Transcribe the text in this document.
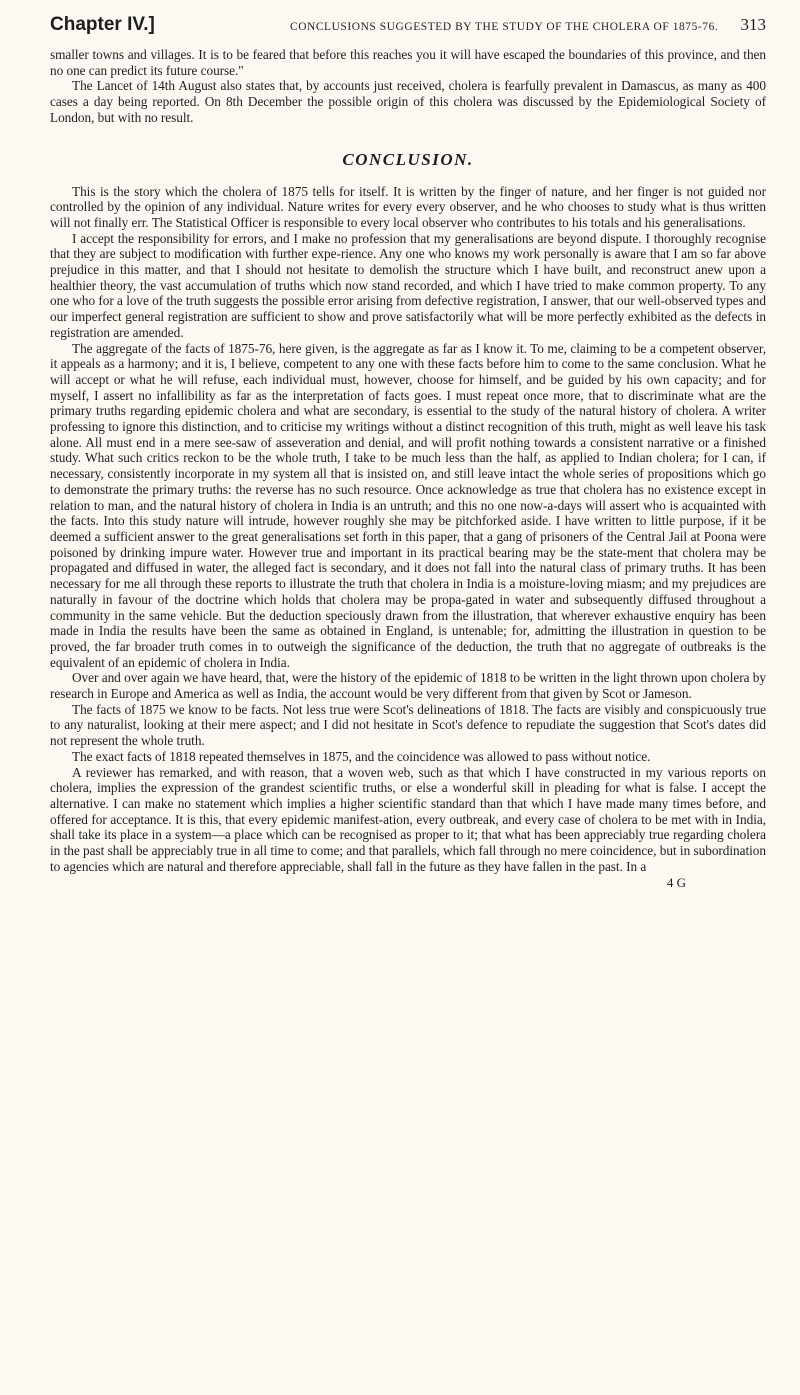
Chapter IV.]	CONCLUSIONS SUGGESTED BY THE STUDY OF THE CHOLERA OF 1875-76.	313

smaller towns and villages. It is to be feared that before this reaches you it will have escaped the boundaries of this province, and then no one can predict its future course."

The Lancet of 14th August also states that, by accounts just received, cholera is fearfully prevalent in Damascus, as many as 400 cases a day being reported. On 8th December the possible origin of this cholera was discussed by the Epidemiological Society of London, but with no result.

CONCLUSION.

This is the story which the cholera of 1875 tells for itself. It is written by the finger of nature, and her finger is not guided nor controlled by the opinion of any individual. Nature writes for every every observer, and he who chooses to study what is thus written will not finally err. The Statistical Officer is responsible to every local observer who contributes to his totals and his generalisations.

I accept the responsibility for errors, and I make no profession that my generalisations are beyond dispute. I thoroughly recognise that they are subject to modification with further expe-rience. Any one who knows my work personally is aware that I am so far above prejudice in this matter, and that I should not hesitate to demolish the structure which I have built, and reconstruct anew upon a healthier theory, the vast accumulation of truths which now stand recorded, and which I have tried to make common property. To any one who for a love of the truth suggests the possible error arising from defective registration, I answer, that our well-observed types and our imperfect general registration are sufficient to show and prove satisfactorily what will be more perfectly exhibited as the defects in registration are amended.

The aggregate of the facts of 1875-76, here given, is the aggregate as far as I know it. To me, claiming to be a competent observer, it appeals as a harmony; and it is, I believe, competent to any one with these facts before him to come to the same conclusion. What he will accept or what he will refuse, each individual must, however, choose for himself, and be guided by his own capacity; and for myself, I assert no infallibility as far as the interpretation of facts goes. I must repeat once more, that to discriminate what are the primary truths regarding epidemic cholera and what are secondary, is essential to the study of the natural history of cholera. A writer professing to ignore this distinction, and to criticise my writings without a distinct recognition of this truth, might as well leave his task alone. All must end in a mere see-saw of asseveration and denial, and will profit nothing towards a consistent narrative or a finished study. What such critics reckon to be the whole truth, I take to be much less than the half, as applied to Indian cholera; for I can, if necessary, consistently incorporate in my system all that is insisted on, and still leave intact the whole series of propositions which go to demonstrate the primary truths: the reverse has no such resource. Once acknowledge as true that cholera has no existence except in relation to man, and the natural history of cholera in India is an untruth; and this no one now-a-days will assert who is acquainted with the facts. Into this study nature will intrude, however roughly she may be pitchforked aside. I have written to little purpose, if it be deemed a sufficient answer to the great generalisations set forth in this paper, that a gang of prisoners of the Central Jail at Poona were poisoned by drinking impure water. However true and important in its practical bearing may be the state-ment that cholera may be propagated and diffused in water, the alleged fact is secondary, and it does not fall into the natural class of primary truths. It has been necessary for me all through these reports to illustrate the truth that cholera in India is a moisture-loving miasm; and my prejudices are naturally in favour of the doctrine which holds that cholera may be propa-gated in water and subsequently diffused throughout a community in the same vehicle. But the deduction speciously drawn from the illustration, that wherever exhaustive enquiry has been made in India the results have been the same as obtained in England, is untenable; for, admitting the illustration in question to be proved, the far broader truth comes in to outweigh the significance of the deduction, the truth that no aggregate of outbreaks is the equivalent of an epidemic of cholera in India.

Over and over again we have heard, that, were the history of the epidemic of 1818 to be written in the light thrown upon cholera by research in Europe and America as well as India, the account would be very different from that given by Scot or Jameson.

The facts of 1875 we know to be facts. Not less true were Scot's delineations of 1818. The facts are visibly and conspicuously true to any naturalist, looking at their mere aspect; and I did not hesitate in Scot's defence to repudiate the suggestion that Scot's dates did not represent the whole truth.

The exact facts of 1818 repeated themselves in 1875, and the coincidence was allowed to pass without notice.

A reviewer has remarked, and with reason, that a woven web, such as that which I have constructed in my various reports on cholera, implies the expression of the grandest scientific truths, or else a wonderful skill in pleading for what is false. I accept the alternative. I can make no statement which implies a higher scientific standard than that which I have made many times before, and offered for acceptance. It is this, that every epidemic manifest-ation, every outbreak, and every case of cholera to be met with in India, shall take its place in a system—a place which can be recognised as proper to it; that what has been appreciably true regarding cholera in the past shall be appreciably true in all time to come; and that parallels, which fall through no mere coincidence, but in subordination to agencies which are natural and therefore appreciable, shall fall in the future as they have fallen in the past. In a

4 G
